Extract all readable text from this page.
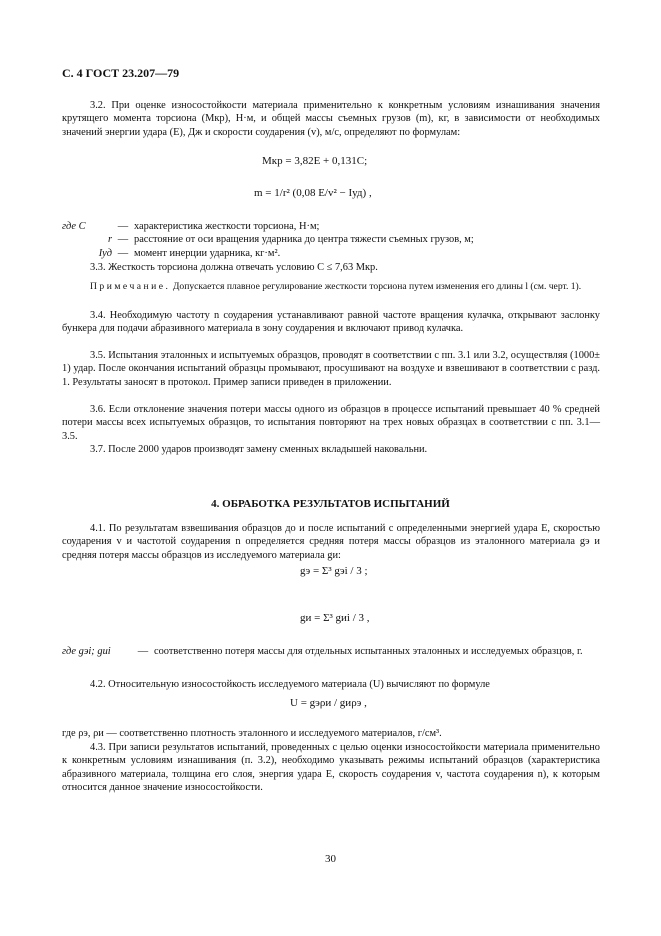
С. 4 ГОСТ 23.207—79

3.2. При оценке износостойкости материала применительно к конкретным условиям изнашивания значения крутящего момента торсиона (Mкр), Н·м, и общей массы съемных грузов (m), кг, в зависимости от необходимых значений энергии удара (E), Дж и скорости соударения (v), м/с, определяют по формулам:

Mкр = 3,82E + 0,131C;
m = 1/r² (0,08 E/v² − Iуд) ,
где C	— характеристика жесткости торсиона, Н·м;
r — расстояние от оси вращения ударника до центра тяжести съемных грузов, м;
Iуд — момент инерции ударника, кг·м².

3.3. Жесткость торсиона должна отвечать условию C ≤ 7,63 Mкр.

Примечание. Допускается плавное регулирование жесткости торсиона путем изменения его длины l (см. черт. 1).

3.4. Необходимую частоту n соударения устанавливают равной частоте вращения кулачка, открывают заслонку бункера для подачи абразивного материала в зону соударения и включают привод кулачка.

3.5. Испытания эталонных и испытуемых образцов, проводят в соответствии с пп. 3.1 или 3.2, осуществляя (1000± 1) удар. После окончания испытаний образцы промывают, просушивают на воздухе и взвешивают в соответствии с разд. 1. Результаты заносят в протокол. Пример записи приведен в приложении.

3.6. Если отклонение значения потери массы одного из образцов в процессе испытаний превышает 40 % средней потери массы всех испытуемых образцов, то испытания повторяют на трех новых образцах в соответствии с пп. 3.1—3.5.

3.7. После 2000 ударов производят замену сменных вкладышей наковальни.

4. ОБРАБОТКА РЕЗУЛЬТАТОВ ИСПЫТАНИЙ

4.1. По результатам взвешивания образцов до и после испытаний с определенными энергией удара E, скоростью соударения v и частотой соударения n определяется средняя потеря массы образцов из эталонного материала gэ и средняя потеря массы образцов из исследуемого материала gи:

gэ = Σ³ gэi / 3 ;
gи = Σ³ gиi / 3 ,
где gэi; gиi	— соответственно потеря массы для отдельных испытанных эталонных и исследуемых образцов, г.

4.2. Относительную износостойкость исследуемого материала (U) вычисляют по формуле

U = gэρи / gиρэ ,

где ρэ, ρи — соответственно плотность эталонного и исследуемого материалов, г/см³.

4.3. При записи результатов испытаний, проведенных с целью оценки износостойкости материала применительно к конкретным условиям изнашивания (п. 3.2), необходимо указывать режимы испытаний образцов (характеристика абразивного материала, толщина его слоя, энергия удара E, скорость соударения v, частота соударения n), к которым относится данное значение износостойкости.

30
